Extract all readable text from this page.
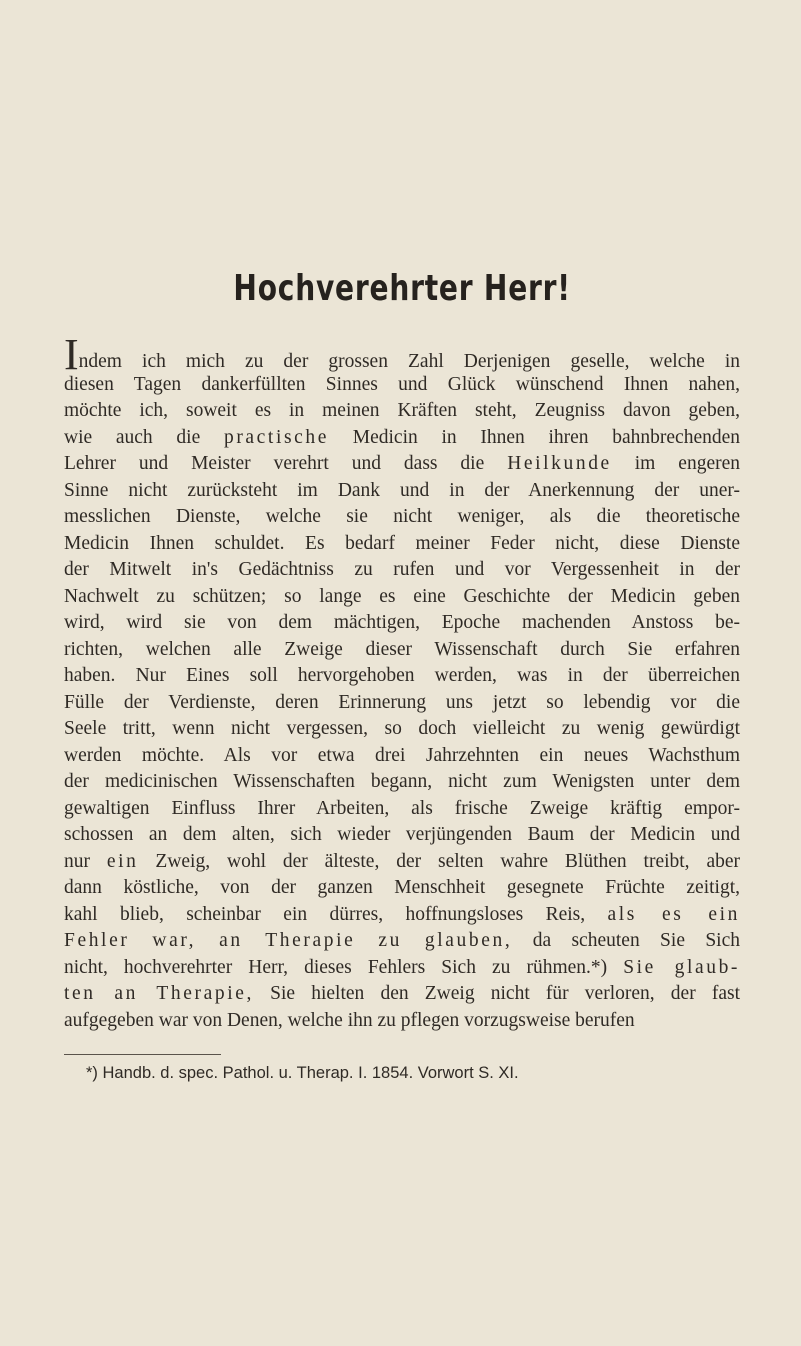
Hochverehrter Herr!
Indem ich mich zu der grossen Zahl Derjenigen geselle, welche in
diesen Tagen dankerfüllten Sinnes und Glück wünschend Ihnen nahen,
möchte ich, soweit es in meinen Kräften steht, Zeugniss davon geben,
wie auch die practische Medicin in Ihnen ihren bahnbrechenden
Lehrer und Meister verehrt und dass die Heilkunde im engeren
Sinne nicht zurücksteht im Dank und in der Anerkennung der uner-
messlichen Dienste, welche sie nicht weniger, als die theoretische
Medicin Ihnen schuldet. Es bedarf meiner Feder nicht, diese Dienste
der Mitwelt in's Gedächtniss zu rufen und vor Vergessenheit in der
Nachwelt zu schützen; so lange es eine Geschichte der Medicin geben
wird, wird sie von dem mächtigen, Epoche machenden Anstoss be-
richten, welchen alle Zweige dieser Wissenschaft durch Sie erfahren
haben. Nur Eines soll hervorgehoben werden, was in der überreichen
Fülle der Verdienste, deren Erinnerung uns jetzt so lebendig vor die
Seele tritt, wenn nicht vergessen, so doch vielleicht zu wenig gewürdigt
werden möchte. Als vor etwa drei Jahrzehnten ein neues Wachsthum
der medicinischen Wissenschaften begann, nicht zum Wenigsten unter dem
gewaltigen Einfluss Ihrer Arbeiten, als frische Zweige kräftig empor-
schossen an dem alten, sich wieder verjüngenden Baum der Medicin und
nur ein Zweig, wohl der älteste, der selten wahre Blüthen treibt, aber
dann köstliche, von der ganzen Menschheit gesegnete Früchte zeitigt,
kahl blieb, scheinbar ein dürres, hoffnungsloses Reis, als es ein
Fehler war, an Therapie zu glauben, da scheuten Sie Sich
nicht, hochverehrter Herr, dieses Fehlers Sich zu rühmen.*) Sie glaub-
ten an Therapie, Sie hielten den Zweig nicht für verloren, der fast
aufgegeben war von Denen, welche ihn zu pflegen vorzugsweise berufen
*) Handb. d. spec. Pathol. u. Therap. I. 1854. Vorwort S. XI.
